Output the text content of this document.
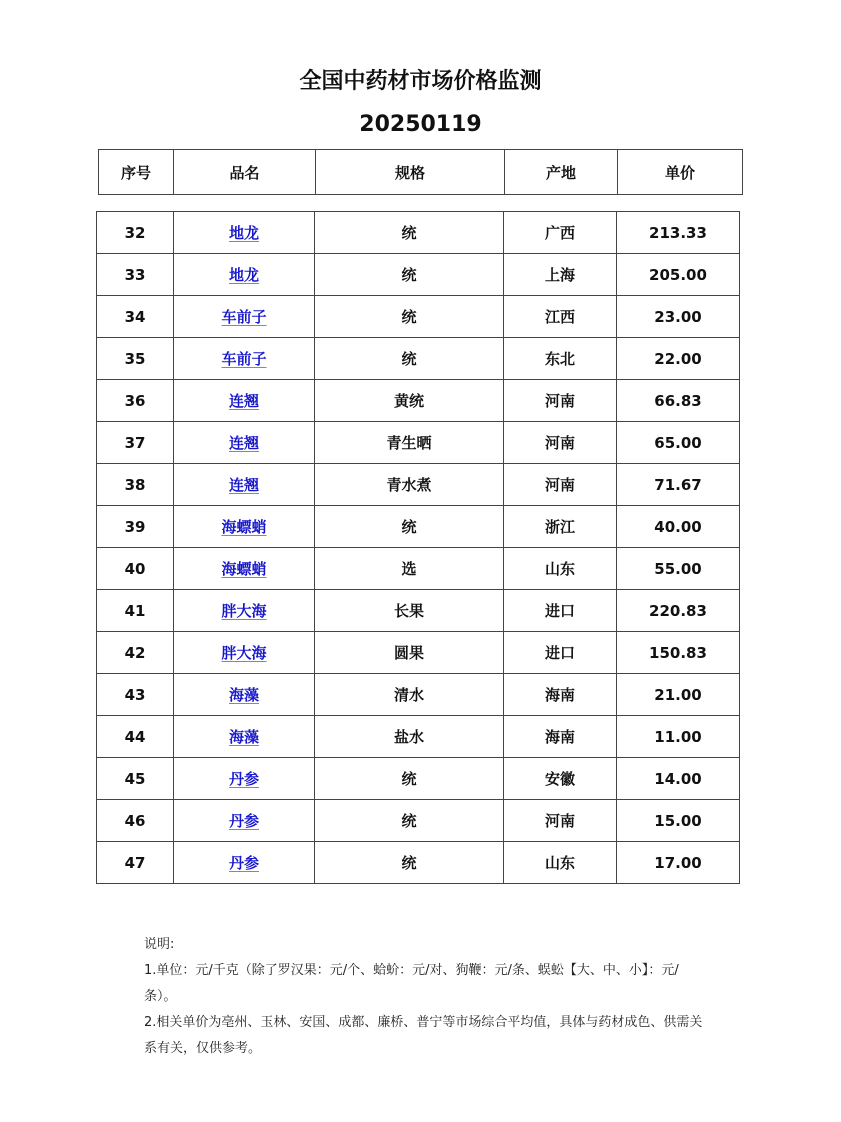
全国中药材市场价格监测
20250119
序号	品名	规格	产地	单价
32	地龙	统	广西	213.33
33	地龙	统	上海	205.00
34	车前子	统	江西	23.00
35	车前子	统	东北	22.00
36	连翘	黄统	河南	66.83
37	连翘	青生晒	河南	65.00
38	连翘	青水煮	河南	71.67
39	海螵蛸	统	浙江	40.00
40	海螵蛸	选	山东	55.00
41	胖大海	长果	进口	220.83
42	胖大海	圆果	进口	150.83
43	海藻	清水	海南	21.00
44	海藻	盐水	海南	11.00
45	丹参	统	安徽	14.00
46	丹参	统	河南	15.00
47	丹参	统	山东	17.00

说明:

1.单位：元/千克（除了罗汉果：元/个、蛤蚧：元/对、狗鞭：元/条、蜈蚣【大、中、小】：元/条）。

2.相关单价为亳州、玉林、安国、成都、廉桥、普宁等市场综合平均值，具体与药材成色、供需关系有关，仅供参考。
